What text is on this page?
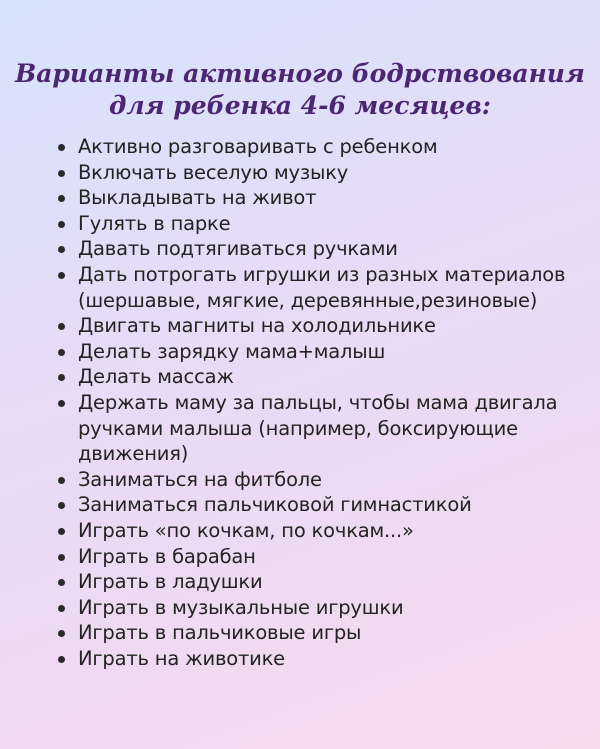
Варианты активного бодрствования
для ребенка 4-6 месяцев:
Активно разговаривать с ребенком
Включать веселую музыку
Выкладывать на живот
Гулять в парке
Давать подтягиваться ручками
Дать потрогать игрушки из разных материалов (шершавые, мягкие, деревянные,резиновые)
Двигать магниты на холодильнике
Делать зарядку мама+малыш
Делать массаж
Держать маму за пальцы, чтобы мама двигала ручками малыша (например, боксирующие движения)
Заниматься на фитболе
Заниматься пальчиковой гимнастикой
Играть «по кочкам, по кочкам...»
Играть в барабан
Играть в ладушки
Играть в музыкальные игрушки
Играть в пальчиковые игры
Играть на животике
